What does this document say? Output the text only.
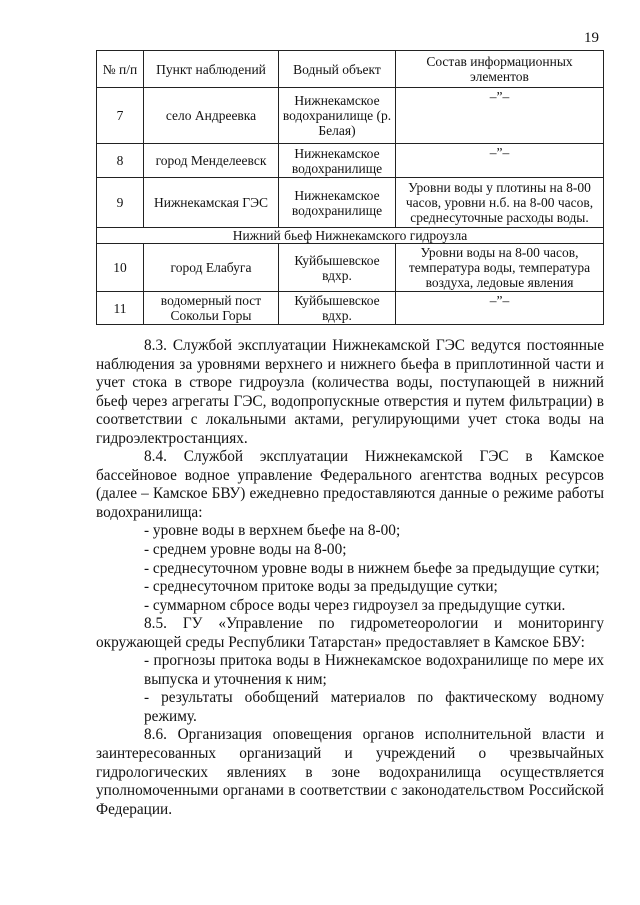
19
№ п/п	Пункт наблюдений	Водный объект	Состав информационных элементов
7	село Андреевка	Нижнекамское водохранилище (р. Белая)	–”–
8	город Менделеевск	Нижнекамское водохранилище	–”–
9	Нижнекамская ГЭС	Нижнекамское водохранилище	Уровни воды у плотины на 8-00 часов, уровни н.б. на 8-00 часов, среднесуточные расходы воды.
Нижний бьеф Нижнекамского гидроузла			
10	город Елабуга	Куйбышевское вдхр.	Уровни воды на 8-00 часов, температура воды, температура воздуха, ледовые явления
11	водомерный пост Сокольи Горы	Куйбышевское вдхр.	–”–

8.3. Службой эксплуатации Нижнекамской ГЭС ведутся постоянные наблюдения за уровнями верхнего и нижнего бьефа в приплотинной части и учет стока в створе гидроузла (количества воды, поступающей в нижний бьеф через агрегаты ГЭС, водопропускные отверстия и путем фильтрации) в соответствии с локальными актами, регулирующими учет стока воды на гидроэлектростанциях.

8.4. Службой эксплуатации Нижнекамской ГЭС в Камское бассейновое водное управление Федерального агентства водных ресурсов (далее – Камское БВУ) ежедневно предоставляются данные о режиме работы водохранилища:

- уровне воды в верхнем бьефе на 8-00;
- среднем уровне воды на 8-00;
- среднесуточном уровне воды в нижнем бьефе за предыдущие сутки;
- среднесуточном притоке воды за предыдущие сутки;
- суммарном сбросе воды через гидроузел за предыдущие сутки.

8.5. ГУ «Управление по гидрометеорологии и мониторингу окружающей среды Республики Татарстан» предоставляет в Камское БВУ:

- прогнозы притока воды в Нижнекамское водохранилище по мере их выпуска и уточнения к ним;
- результаты обобщений материалов по фактическому водному режиму.

8.6. Организация оповещения органов исполнительной власти и заинтересованных организаций и учреждений о чрезвычайных гидрологических явлениях в зоне водохранилища осуществляется уполномоченными органами в соответствии с законодательством Российской Федерации.
